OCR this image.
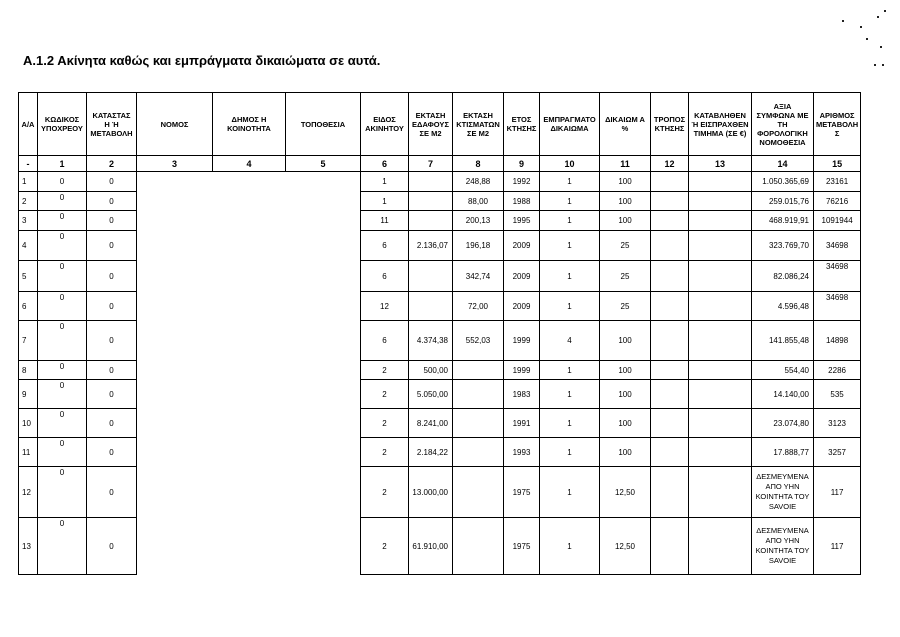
Α.1.2 Ακίνητα καθώς και εμπράγματα δικαιώματα σε αυτά.
Α/Α	ΚΩΔΙΚΟΣ ΥΠΟΧΡΕΟΥ	ΚΑΤΑΣΤΑΣ Η Ή ΜΕΤΑΒΟΛΗ	ΝΟΜΟΣ	ΔΗΜΟΣ Η ΚΟΙΝΟΤΗΤΑ	ΤΟΠΟΘΕΣΙΑ	ΕΙΔΟΣ ΑΚΙΝΗΤΟΥ	ΕΚΤΑΣΗ ΕΔΑΦΟΥΣ ΣΕ Μ2	ΕΚΤΑΣΗ ΚΤΙΣΜΑΤΩΝ ΣΕ Μ2	ΕΤΟΣ ΚΤΗΣΗΣ	ΕΜΠΡΑΓΜΑΤΟ ΔΙΚΑΙΩΜΑ	ΔΙΚΑΙΩΜ Α %	ΤΡΟΠΟΣ ΚΤΗΣΗΣ	ΚΑΤΑΒΛΗΘΕΝ Ή ΕΙΣΠΡΑΧΘΕΝ ΤΙΜΗΜΑ (ΣΕ €)	ΑΞΙΑ ΣΥΜΦΩΝΑ ΜΕ ΤΗ ΦΟΡΟΛΟΓΙΚΗ ΝΟΜΟΘΕΣΙΑ	ΑΡΙΘΜΟΣ ΜΕΤΑΒΟΛΗ Σ
-	1	2	3	4	5	6	7	8	9	10	11	12	13	14	15
1	0	0				1		248,88	1992	1	100			1.050.365,69	23161
2	0	0				1		88,00	1988	1	100			259.015,76	76216
3	0	0				11		200,13	1995	1	100			468.919,91	1091944
4	0	0				6	2.136,07	196,18	2009	1	25			323.769,70	34698
5	0	0				6		342,74	2009	1	25			82.086,24	34698
6	0	0				12		72,00	2009	1	25			4.596,48	34698
7	0	0				6	4.374,38	552,03	1999	4	100			141.855,48	14898
8	0	0				2	500,00		1999	1	100			554,40	2286
9	0	0				2	5.050,00		1983	1	100			14.140,00	535
10	0	0				2	8.241,00		1991	1	100			23.074,80	3123
11	0	0				2	2.184,22		1993	1	100			17.888,77	3257
12	0	0				2	13.000,00		1975	1	12,50			ΔΕΣΜΕΥΜΕΝΑ ΑΠΟ ΥΗΝ ΚΟΙΝΤΗΤΑ ΤΟΥ SAVOIE	117
13	0	0				2	61.910,00		1975	1	12,50			ΔΕΣΜΕΥΜΕΝΑ ΑΠΟ ΥΗΝ ΚΟΙΝΤΗΤΑ ΤΟΥ SAVOIE	117
